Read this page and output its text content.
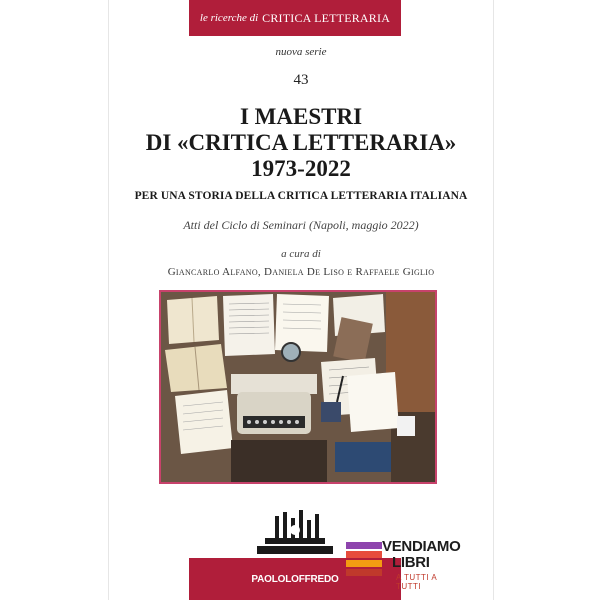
le ricerche di CRITICA LETTERARIA
nuova serie
43
I MAESTRI
DI «CRITICA LETTERARIA»
1973-2022
PER UNA STORIA DELLA CRITICA LETTERARIA ITALIANA
Atti del Ciclo di Seminari (Napoli, maggio 2022)
a cura di
Giancarlo Alfano, Daniela De Liso e Raffaele Giglio
PAOLOLOFFREDO
VENDIAMO
LIBRI
A TUTTI A TUTTI
